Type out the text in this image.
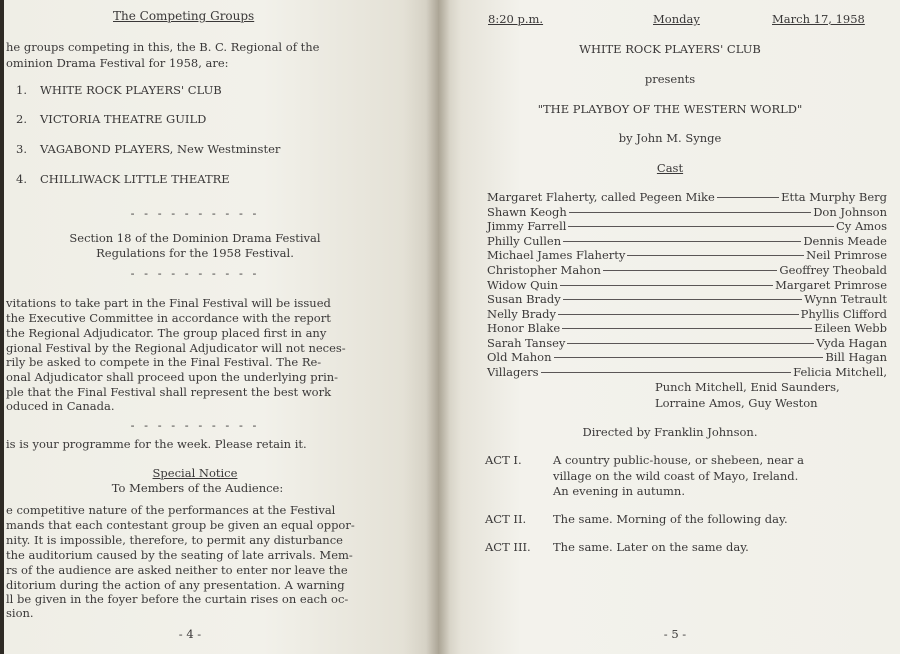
The Competing Groups
he groups competing in this, the B. C. Regional of the
ominion Drama Festival for 1958, are:
1. WHITE ROCK PLAYERS' CLUB
2. VICTORIA THEATRE GUILD
3. VAGABOND PLAYERS, New Westminster
4. CHILLIWACK LITTLE THEATRE
- - - - - - - - - -
Section 18 of the Dominion Drama Festival
Regulations for the 1958 Festival.
- - - - - - - - - -
vitations to take part in the Final Festival will be issued
the Executive Committee in accordance with the report
the Regional Adjudicator. The group placed first in any
gional Festival by the Regional Adjudicator will not neces-
rily be asked to compete in the Final Festival. The Re-
onal Adjudicator shall proceed upon the underlying prin-
ple that the Final Festival shall represent the best work
oduced in Canada.
- - - - - - - - - -
is is your programme for the week. Please retain it.
Special Notice
To Members of the Audience:
e competitive nature of the performances at the Festival
mands that each contestant group be given an equal oppor-
nity. It is impossible, therefore, to permit any disturbance
the auditorium caused by the seating of late arrivals. Mem-
rs of the audience are asked neither to enter nor leave the
ditorium during the action of any presentation. A warning
ll be given in the foyer before the curtain rises on each oc-
sion.
- 4 -
8:20 p.m.	Monday	March 17, 1958
WHITE ROCK PLAYERS' CLUB
presents
"THE PLAYBOY OF THE WESTERN WORLD"
by John M. Synge
Cast
Margaret Flaherty, called Pegeen Mike	Etta Murphy Berg
Shawn Keogh	Don Johnson
Jimmy Farrell	Cy Amos
Philly Cullen	Dennis Meade
Michael James Flaherty	Neil Primrose
Christopher Mahon	Geoffrey Theobald
Widow Quin	Margaret Primrose
Susan Brady	Wynn Tetrault
Nelly Brady	Phyllis Clifford
Honor Blake	Eileen Webb
Sarah Tansey	Vyda Hagan
Old Mahon	Bill Hagan
Villagers	Felicia Mitchell,
Punch Mitchell, Enid Saunders,
Lorraine Amos, Guy Weston
Directed by Franklin Johnson.
ACT I.	A country public-house, or shebeen, near a
village on the wild coast of Mayo, Ireland.
An evening in autumn.
ACT II. The same. Morning of the following day.
ACT III. The same. Later on the same day.
- 5 -
